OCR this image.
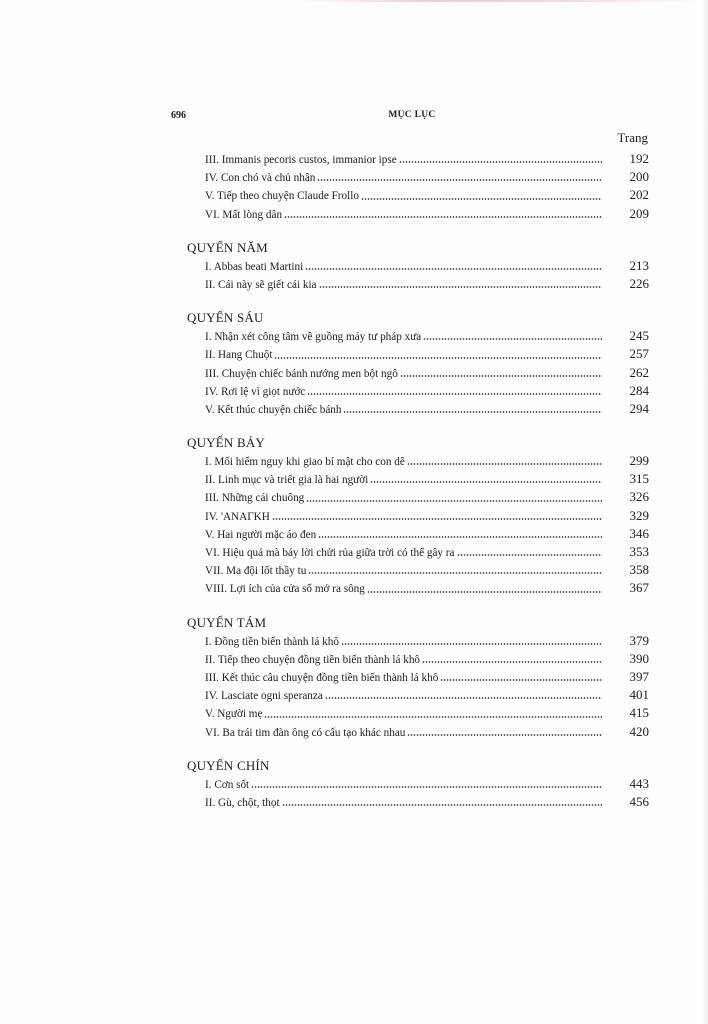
696	MỤC LỤC
Trang
III. Immanis pecoris custos, immanior ipse	192
IV. Con chó và chủ nhân	200
V. Tiếp theo chuyện Claude Frollo	202
VI. Mất lòng dân	209
QUYỂN NĂM
I. Abbas beati Martini	213
II. Cái này sẽ giết cái kia	226
QUYỂN SÁU
I. Nhận xét công tâm về guồng máy tư pháp xưa	245
II. Hang Chuột	257
III. Chuyện chiếc bánh nướng men bột ngô	262
IV. Rơi lệ vì giọt nước	284
V. Kết thúc chuyện chiếc bánh	294
QUYỂN BẢY
I. Mối hiểm nguy khi giao bí mật cho con dê	299
II. Linh mục và triết gia là hai người	315
III. Những cái chuông	326
IV. 'ANAΓKH	329
V. Hai người mặc áo đen	346
VI. Hiệu quả mà bảy lời chửi rủa giữa trời có thể gây ra	353
VII. Ma đội lốt thầy tu	358
VIII. Lợi ích của cửa sổ mở ra sông	367
QUYỂN TÁM
I. Đồng tiền biến thành lá khô	379
II. Tiếp theo chuyện đồng tiền biến thành lá khô	390
III. Kết thúc câu chuyện đồng tiền biến thành lá khô	397
IV. Lasciate ogni speranza	401
V. Người mẹ	415
VI. Ba trái tim đàn ông có cấu tạo khác nhau	420
QUYỂN CHÍN
I. Cơn sốt	443
II. Gù, chột, thọt	456
